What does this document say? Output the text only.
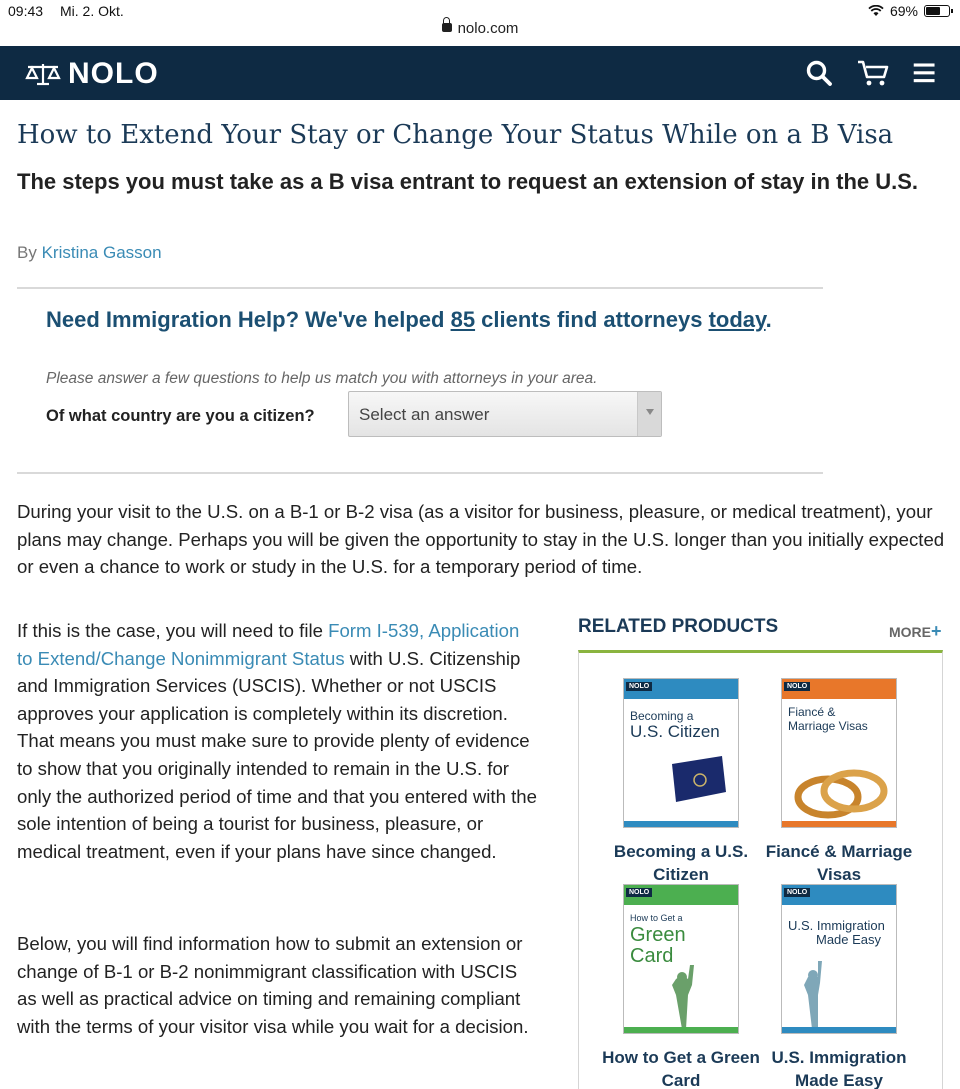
09:43 Mi. 2. Okt.	69%
nolo.com
NOLO
How to Extend Your Stay or Change Your Status While on a B Visa
The steps you must take as a B visa entrant to request an extension of stay in the U.S.
By Kristina Gasson
Need Immigration Help? We've helped 85 clients find attorneys today.
Please answer a few questions to help us match you with attorneys in your area.
Of what country are you a citizen?	Select an answer

During your visit to the U.S. on a B-1 or B-2 visa (as a visitor for business, pleasure, or medical treatment), your plans may change. Perhaps you will be given the opportunity to stay in the U.S. longer than you initially expected or even a chance to work or study in the U.S. for a temporary period of time.

If this is the case, you will need to file Form I-539, Application to Extend/Change Nonimmigrant Status with U.S. Citizenship and Immigration Services (USCIS). Whether or not USCIS approves your application is completely within its discretion. That means you must make sure to provide plenty of evidence to show that you originally intended to remain in the U.S. for only the authorized period of time and that you entered with the sole intention of being a tourist for business, pleasure, or medical treatment, even if your plans have since changed.

Below, you will find information how to submit an extension or change of B-1 or B-2 nonimmigrant classification with USCIS as well as practical advice on timing and remaining compliant with the terms of your visitor visa while you wait for a decision.

RELATED PRODUCTS	MORE+
NOLO
Becoming a
U.S. Citizen
Becoming a U.S. Citizen
NOLO
Fiancé &
Marriage Visas
Fiancé & Marriage Visas
NOLO
How to Get a
Green Card
How to Get a Green Card
NOLO
U.S. Immigration
Made Easy
U.S. Immigration Made Easy
